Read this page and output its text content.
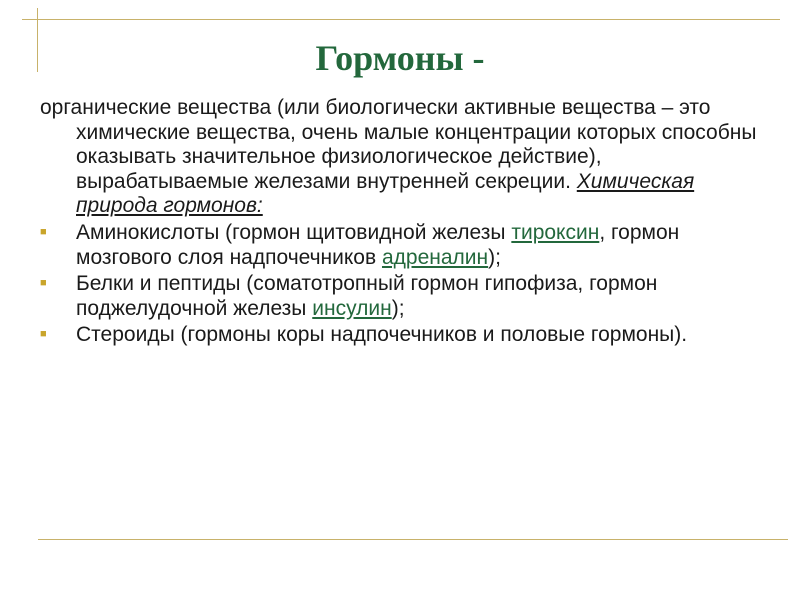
Гормоны -

органические вещества (или биологически активные вещества – это химические вещества, очень малые концентрации которых способны оказывать значительное физиологическое действие), вырабатываемые железами внутренней секреции. Химическая природа гормонов:

■ Аминокислоты (гормон щитовидной железы тироксин, гормон мозгового слоя надпочечников адреналин);
■ Белки и пептиды (соматотропный гормон гипофиза, гормон поджелудочной железы инсулин);
■ Стероиды (гормоны коры надпочечников и половые гормоны).
